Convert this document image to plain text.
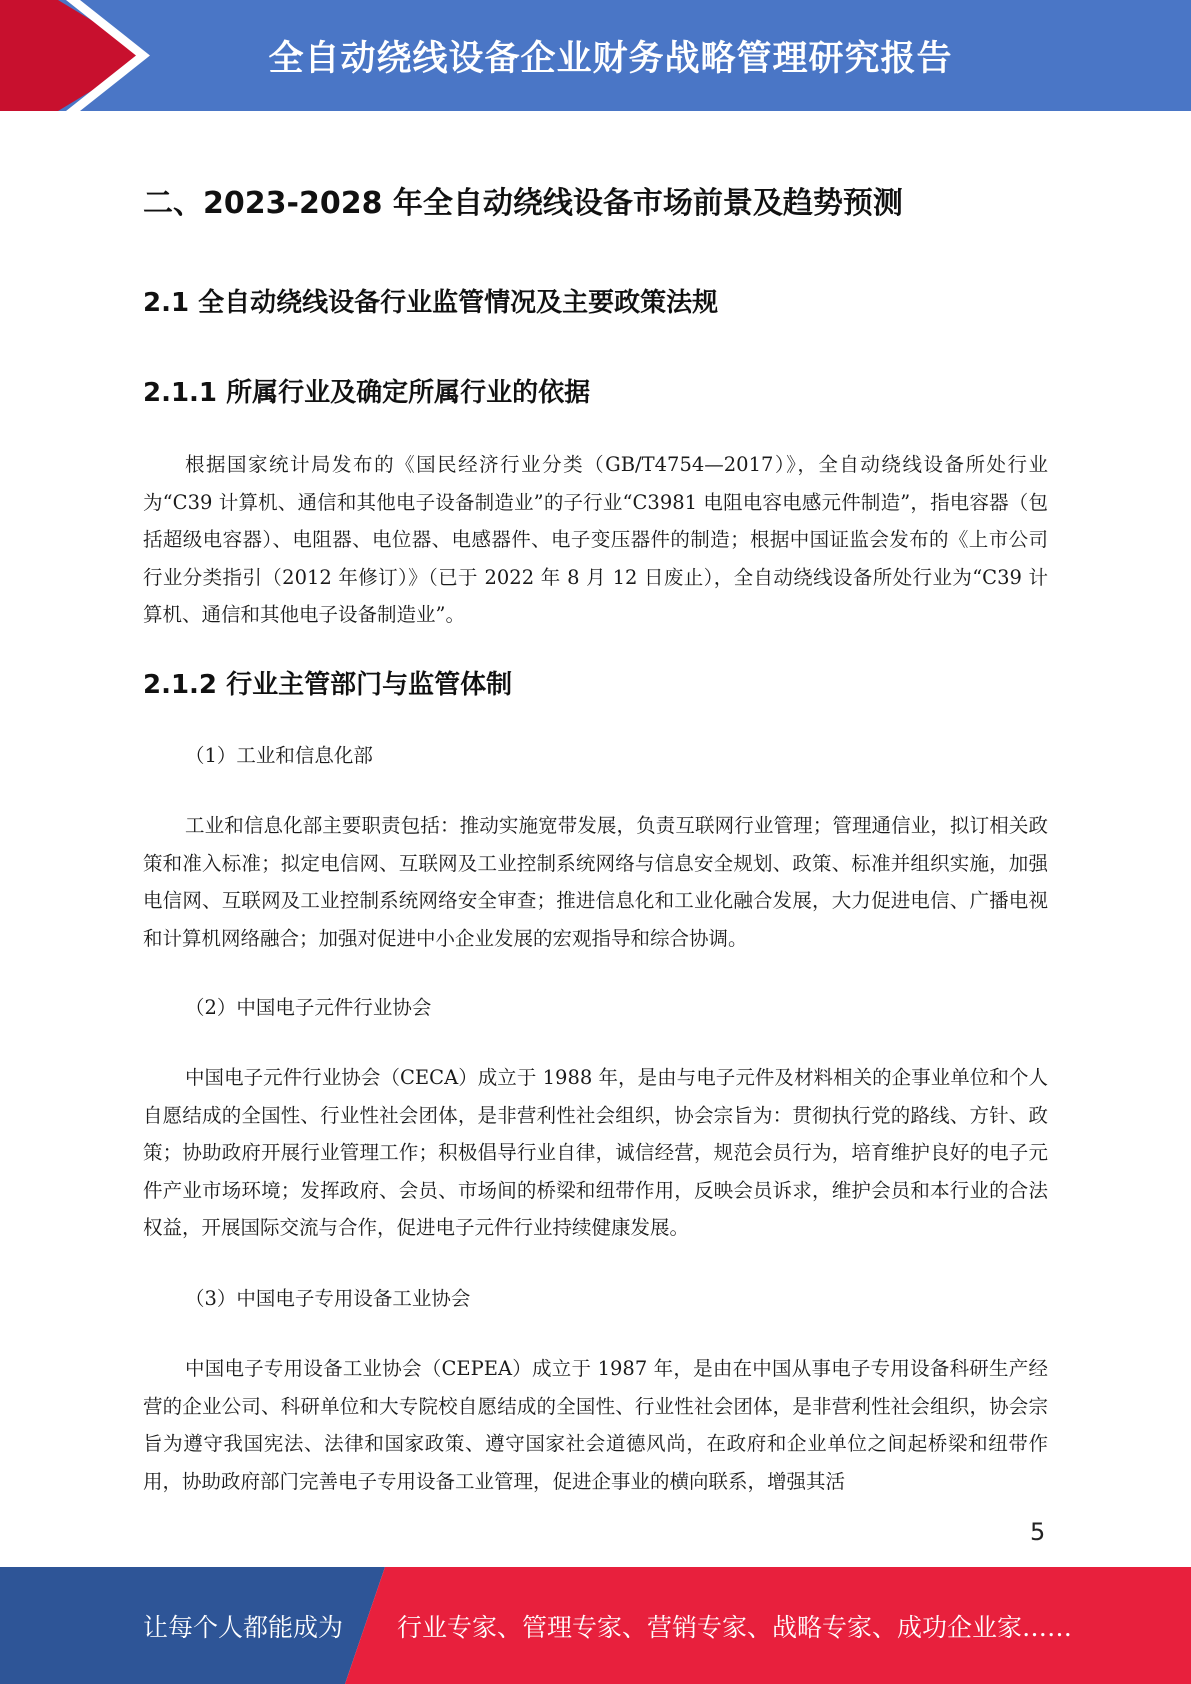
全自动绕线设备企业财务战略管理研究报告
二、2023-2028 年全自动绕线设备市场前景及趋势预测
2.1 全自动绕线设备行业监管情况及主要政策法规
2.1.1 所属行业及确定所属行业的依据

根据国家统计局发布的《国民经济行业分类（GB/T4754—2017）》，全自动绕线设备所处行业为“C39 计算机、通信和其他电子设备制造业”的子行业“C3981 电阻电容电感元件制造”，指电容器（包括超级电容器）、电阻器、电位器、电感器件、电子变压器件的制造；根据中国证监会发布的《上市公司行业分类指引（2012 年修订）》（已于 2022 年 8 月 12 日废止），全自动绕线设备所处行业为“C39 计算机、通信和其他电子设备制造业”。

2.1.2 行业主管部门与监管体制
（1）工业和信息化部

工业和信息化部主要职责包括：推动实施宽带发展，负责互联网行业管理；管理通信业，拟订相关政策和准入标准；拟定电信网、互联网及工业控制系统网络与信息安全规划、政策、标准并组织实施，加强电信网、互联网及工业控制系统网络安全审查；推进信息化和工业化融合发展，大力促进电信、广播电视和计算机网络融合；加强对促进中小企业发展的宏观指导和综合协调。

（2）中国电子元件行业协会

中国电子元件行业协会（CECA）成立于 1988 年，是由与电子元件及材料相关的企事业单位和个人自愿结成的全国性、行业性社会团体，是非营利性社会组织，协会宗旨为：贯彻执行党的路线、方针、政策；协助政府开展行业管理工作；积极倡导行业自律，诚信经营，规范会员行为，培育维护良好的电子元件产业市场环境；发挥政府、会员、市场间的桥梁和纽带作用，反映会员诉求，维护会员和本行业的合法权益，开展国际交流与合作，促进电子元件行业持续健康发展。

（3）中国电子专用设备工业协会

中国电子专用设备工业协会（CEPEA）成立于 1987 年，是由在中国从事电子专用设备科研生产经营的企业公司、科研单位和大专院校自愿结成的全国性、行业性社会团体，是非营利性社会组织，协会宗旨为遵守我国宪法、法律和国家政策、遵守国家社会道德风尚，在政府和企业单位之间起桥梁和纽带作用，协助政府部门完善电子专用设备工业管理，促进企事业的横向联系，增强其活

5
让每个人都能成为 行业专家、管理专家、营销专家、战略专家、成功企业家……
